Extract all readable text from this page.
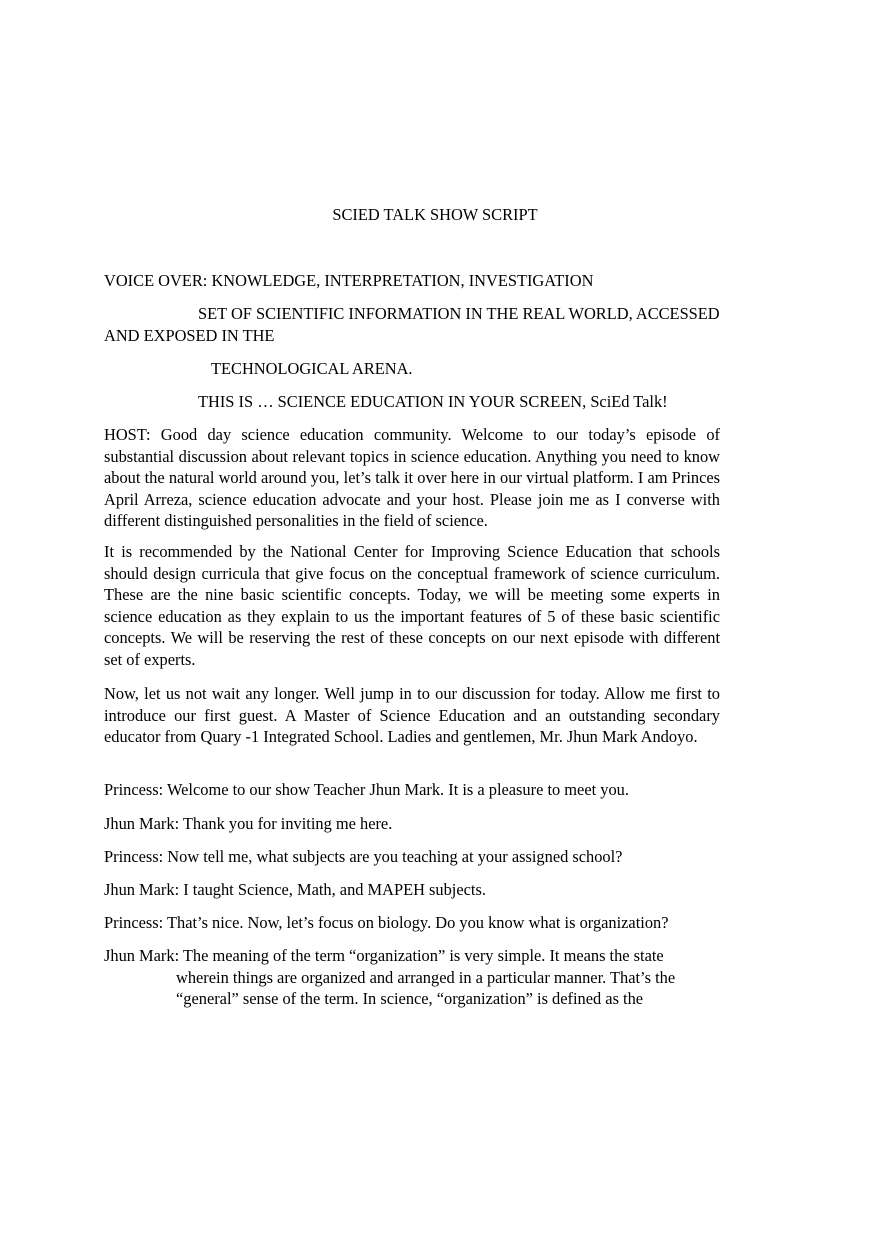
SCIED TALK SHOW SCRIPT
VOICE OVER: KNOWLEDGE, INTERPRETATION, INVESTIGATION
SET OF SCIENTIFIC INFORMATION IN THE REAL WORLD, ACCESSED
AND EXPOSED IN THE
TECHNOLOGICAL ARENA.
THIS IS … SCIENCE EDUCATION IN YOUR SCREEN, SciEd Talk!
HOST: Good day science education community. Welcome to our today’s episode of substantial discussion about relevant topics in science education. Anything you need to know about the natural world around you, let’s talk it over here in our virtual platform. I am Princes April Arreza, science education advocate and your host. Please join me as I converse with different distinguished personalities in the field of science.
It is recommended by the National Center for Improving Science Education that schools should design curricula that give focus on the conceptual framework of science curriculum. These are the nine basic scientific concepts. Today, we will be meeting some experts in science education as they explain to us the important features of 5 of these basic scientific concepts. We will be reserving the rest of these concepts on our next episode with different set of experts.
Now, let us not wait any longer. Well jump in to our discussion for today. Allow me first to introduce our first guest. A Master of Science Education and an outstanding secondary educator from Quary -1 Integrated School. Ladies and gentlemen, Mr. Jhun Mark Andoyo.
Princess: Welcome to our show Teacher Jhun Mark. It is a pleasure to meet you.
Jhun Mark: Thank you for inviting me here.
Princess: Now tell me, what subjects are you teaching at your assigned school?
Jhun Mark: I taught Science, Math, and MAPEH subjects.
Princess: That’s nice. Now, let’s focus on biology. Do you know what is organization?
Jhun Mark: The meaning of the term “organization” is very simple. It means the state
wherein things are organized and arranged in a particular manner. That’s the
“general” sense of the term. In science, “organization” is defined as the
